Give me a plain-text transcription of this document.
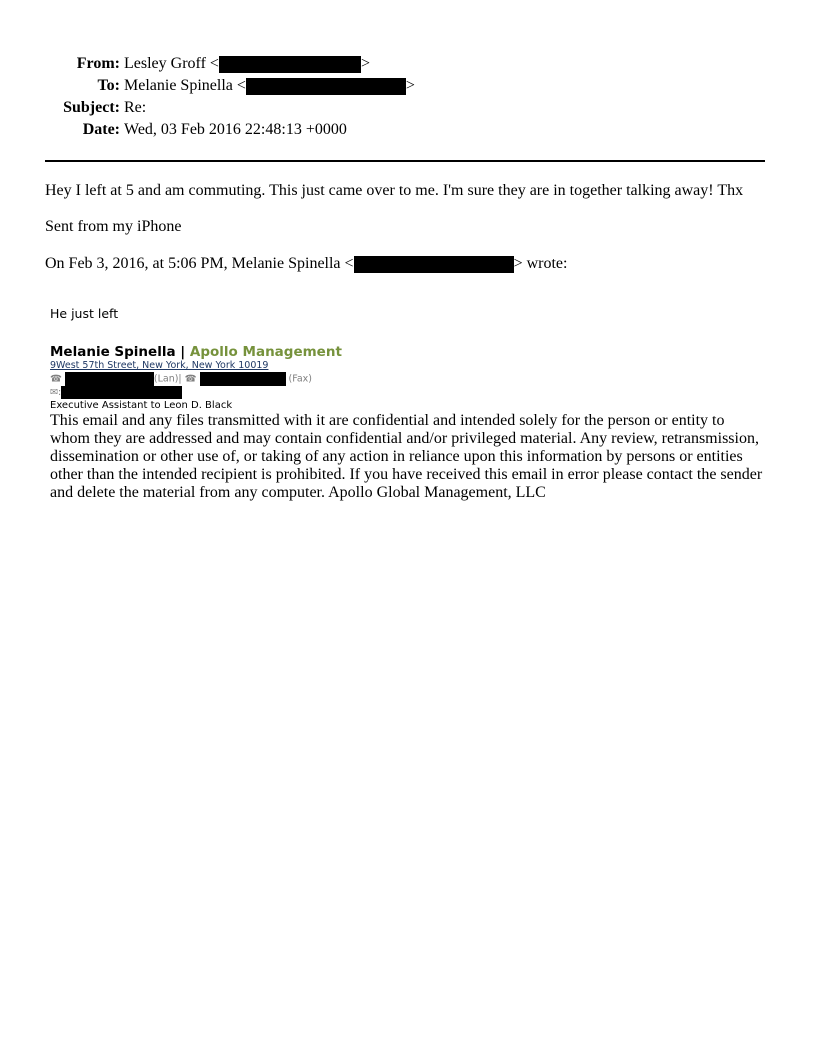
From: Lesley Groff <	>
To: Melanie Spinella <	>
Subject: Re:
Date: Wed, 03 Feb 2016 22:48:13 +0000
Hey I left at 5 and am commuting. This just came over to me. I'm sure they are in together talking away! Thx
Sent from my iPhone
On Feb 3, 2016, at 5:06 PM, Melanie Spinella <	> wrote:
He just left
Melanie Spinella | Apollo Management
9West 57th Street, New York, New York 10019
☎	(Lan)| ☎	(Fax)
✉:
Executive Assistant to Leon D. Black
This email and any files transmitted with it are confidential and intended solely for the person or entity to whom they are addressed and may contain confidential and/or privileged material. Any review, retransmission, dissemination or other use of, or taking of any action in reliance upon this information by persons or entities other than the intended recipient is prohibited. If you have received this email in error please contact the sender and delete the material from any computer. Apollo Global Management, LLC
